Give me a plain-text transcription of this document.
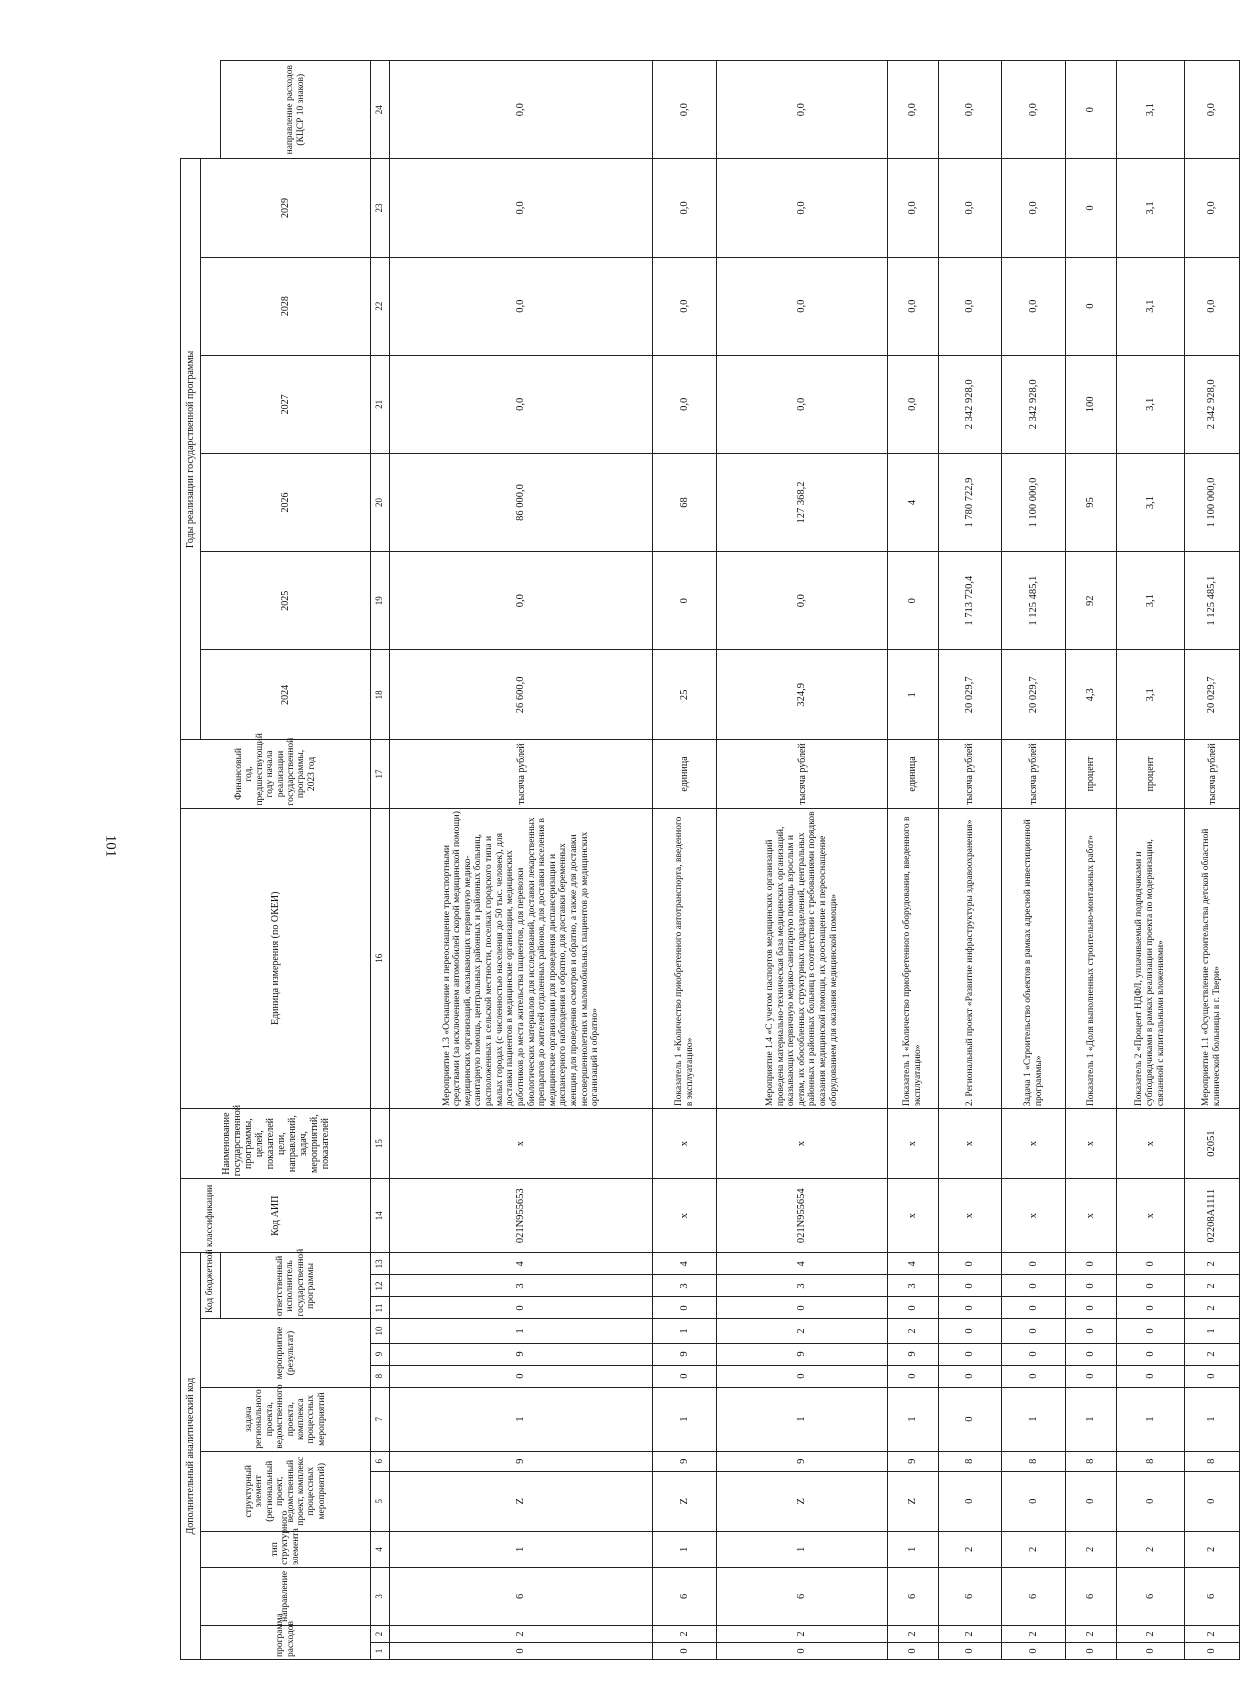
101
Дополнительный аналитический код													Код АИП	Наименование государственной программы, целей, показателей цели, направлений, задач, мероприятий, показателей	Единица измерения (по ОКЕИ)	Финансовый год, предшествующий году начала реализации государственной программы, 2023 год	Годы реализации государственной программы						
программа расходов		направление	тип структурного элемента	структурный элемент (региональный проект, ведомственный проект, комплекс процессных мероприятий)		задача регионального проекта, ведомственного проекта, комплекса процессных мероприятий	мероприятие (результат)			Код бюджетной классификации							2024	2025	2026	2027	2028	2029	
										ответственный исполнитель государственной программы													направление расходов (КЦСР 10 знаков)
1	2	3	4	5	6	7	8	9	10	11	12	13	14	15	16	17	18	19	20	21	22	23	24
0	2	6	1	Z	9	1	0	9	1	0	3	4	021N955653	х	Мероприятие 1.3 «Оснащение и переоснащение транспортными средствами (за исключением автомобилей скорой медицинской помощи) медицинских организаций, оказывающих первичную медико-санитарную помощь, центральных районных и районных больниц, расположенных в сельской местности, поселках городского типа и малых городах (с численностью населения до 50 тыс. человек), для доставки пациентов в медицинские организации, медицинских работников до места жительства пациентов, для перевозки биологических материалов для исследований, доставки лекарственных препаратов до жителей отдаленных районов, для доставки населения в медицинские организации для проведения диспансеризации и диспансерного наблюдения и обратно, для доставки беременных женщин для проведения осмотров и обратно, а также для доставки несовершеннолетних и маломобильных пациентов до медицинских организаций и обратно»	тысяча рублей	26 600,0	0,0	86 000,0	0,0	0,0	0,0	0,0
0	2	6	1	Z	9	1	0	9	1	0	3	4	х	х	Показатель 1 «Количество приобретенного автотранспорта, введенного в эксплуатацию»	единица	25	0	68	0,0	0,0	0,0	0,0
0	2	6	1	Z	9	1	0	9	2	0	3	4	021N955654	х	Мероприятие 1.4 «С учетом паспортов медицинских организаций проведена материально-техническая база медицинских организаций, оказывающих первичную медико-санитарную помощь взрослым и детям, их обособленных структурных подразделений, центральных районных и районных больниц в соответствии с требованиями порядков оказания медицинской помощи, их дооснащение и переоснащение оборудованием для оказания медицинской помощи»	тысяча рублей	324,9	0,0	127 368,2	0,0	0,0	0,0	0,0
0	2	6	1	Z	9	1	0	9	2	0	3	4	х	х	Показатель 1 «Количество приобретенного оборудования, введенного в эксплуатацию»	единица	1	0	4	0,0	0,0	0,0	0,0
0	2	6	2	0	8	0	0	0	0	0	0	0	х	х	2. Региональный проект «Развитие инфраструктуры здравоохранения»	тысяча рублей	20 029,7	1 713 720,4	1 780 722,9	2 342 928,0	0,0	0,0	0,0
0	2	6	2	0	8	1	0	0	0	0	0	0	х	х	Задача 1 «Строительство объектов в рамках адресной инвестиционной программы»	тысяча рублей	20 029,7	1 125 485,1	1 100 000,0	2 342 928,0	0,0	0,0	0,0
0	2	6	2	0	8	1	0	0	0	0	0	0	х	х	Показатель 1 «Доля выполненных строительно-монтажных работ»	процент	4,3	92	95	100	0	0	0
0	2	6	2	0	8	1	0	0	0	0	0	0	х	х	Показатель 2 «Процент НДФЛ, уплачиваемый подрядчиками и субподрядчиками в рамках реализации проекта по модернизации, связанной с капитальными вложениями»	процент	3,1	3,1	3,1	3,1	3,1	3,1	3,1
0	2	6	2	0	8	1	0	2	1	2	2	2	02208А1111	02051	Мероприятие 1.1 «Осуществление строительства детской областной клинической больницы в г. Твери»	тысяча рублей	20 029,7	1 125 485,1	1 100 000,0	2 342 928,0	0,0	0,0	0,0
